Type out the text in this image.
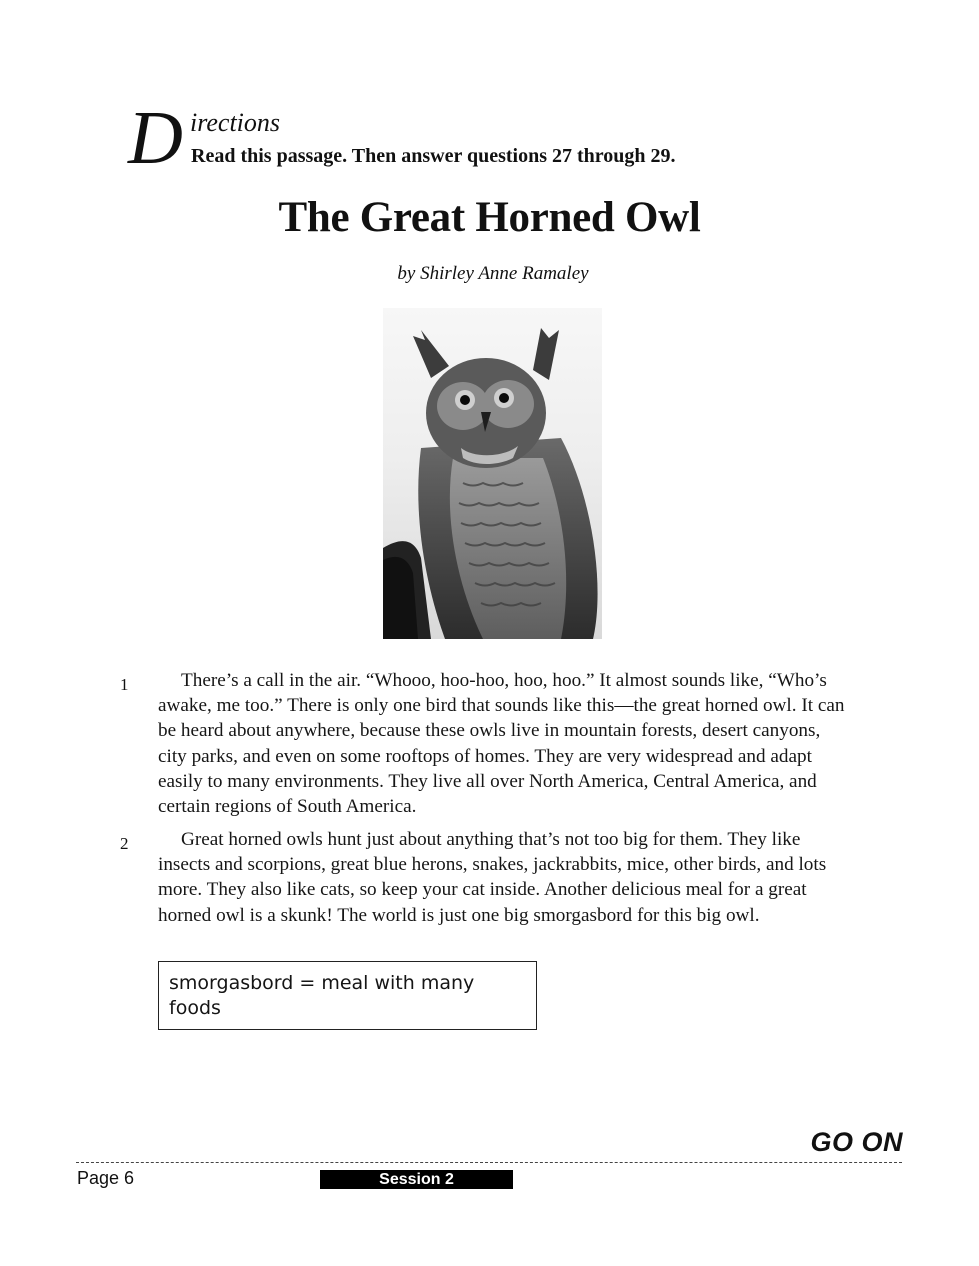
D irections
Read this passage. Then answer questions 27 through 29.
The Great Horned Owl
by Shirley Anne Ramaley
1	There’s a call in the air. “Whooo, hoo-hoo, hoo, hoo.” It almost sounds like, “Who’s awake, me too.” There is only one bird that sounds like this—the great horned owl. It can be heard about anywhere, because these owls live in mountain forests, desert canyons, city parks, and even on some rooftops of homes. They are very widespread and adapt easily to many environments. They live all over North America, Central America, and certain regions of South America.

2	Great horned owls hunt just about anything that’s not too big for them. They like insects and scorpions, great blue herons, snakes, jackrabbits, mice, other birds, and lots more. They also like cats, so keep your cat inside. Another delicious meal for a great horned owl is a skunk! The world is just one big smorgasbord for this big owl.

smorgasbord = meal with many foods
GO ON
Page 6	Session 2
